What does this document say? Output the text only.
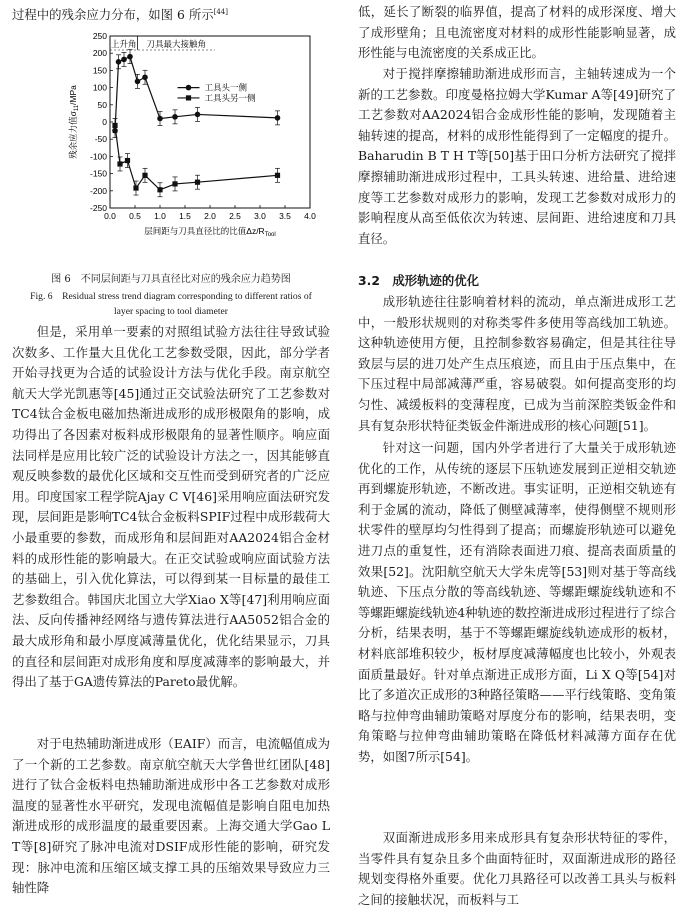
过程中的残余应力分布，如图 6 所示[44]

上升角 刀具最大接触角
0.0 0.5 1.0 1.5 2.0 2.5 3.0 3.5 4.0
250
200
150
100
50
0
-50
-100
-150
-200
-250
层间距与刀具直径比的比值$\Delta z/R_{Tool}$
残余应力值$\sigma_{11}$/MPa	工具头一侧
工具头另一侧

图 6　不同层间距与刀具直径比对应的残余应力趋势图

Fig. 6　Residual stress trend diagram corresponding to different ratios of

layer spacing to tool diameter

但是，采用单一要素的对照组试验方法往往导致试验次数多、工作量大且优化工艺参数受限，因此，部分学者开始寻找更为合适的试验设计方法与优化手段。南京航空航天大学光凯惠等[45]通过正交试验法研究了工艺参数对TC4钛合金板电磁加热渐进成形的成形极限角的影响，成功得出了各因素对板料成形极限角的显著性顺序。响应面法同样是应用比较广泛的试验设计方法之一，因其能够直观反映参数的最优化区域和交互性而受到研究者的广泛应用。印度国家工程学院Ajay C V[46]采用响应面法研究发现，层间距是影响TC4钛合金板料SPIF过程中成形载荷大小最重要的参数，而成形角和层间距对AA2024铝合金材料的成形性能的影响最大。在正交试验或响应面试验方法的基础上，引入优化算法，可以得到某一目标量的最佳工艺参数组合。韩国庆北国立大学Xiao X等[47]利用响应面法、反向传播神经网络与遗传算法进行AA5052铝合金的最大成形角和最小厚度减薄量优化，优化结果显示，刀具的直径和层间距对成形角度和厚度减薄率的影响最大，并得出了基于GA遗传算法的Pareto最优解。

对于电热辅助渐进成形（EAIF）而言，电流幅值成为了一个新的工艺参数。南京航空航天大学鲁世红团队[48]进行了钛合金板料电热辅助渐进成形中各工艺参数对成形温度的显著性水平研究，发现电流幅值是影响自阻电加热渐进成形的成形温度的最重要因素。上海交通大学Gao L T等[8]研究了脉冲电流对DSIF成形性能的影响，研究发现：脉冲电流和压缩区域支撑工具的压缩效果导致应力三轴性降

低，延长了断裂的临界值，提高了材料的成形深度、增大了成形壁角；且电流密度对材料的成形性能影响显著，成形性能与电流密度的关系成正比。

对于搅拌摩擦辅助渐进成形而言，主轴转速成为一个新的工艺参数。印度曼格拉姆大学Kumar A等[49]研究了工艺参数对AA2024铝合金成形性能的影响，发现随着主轴转速的提高，材料的成形性能得到了一定幅度的提升。Baharudin B T H T等[50]基于田口分析方法研究了搅拌摩擦辅助渐进成形过程中，工具头转速、进给量、进给速度等工艺参数对成形力的影响，发现工艺参数对成形力的影响程度从高至低依次为转速、层间距、进给速度和刀具直径。

3.2　成形轨迹的优化

成形轨迹往往影响着材料的流动，单点渐进成形工艺中，一般形状规则的对称类零件多使用等高线加工轨迹。这种轨迹使用方便，且控制参数容易确定，但是其往往导致层与层的进刀处产生点压痕迹，而且由于压点集中，在下压过程中局部减薄严重，容易破裂。如何提高变形的均匀性、减缓板料的变薄程度，已成为当前深腔类钣金件和具有复杂形状特征类钣金件渐进成形的核心问题[51]。

针对这一问题，国内外学者进行了大量关于成形轨迹优化的工作，从传统的逐层下压轨迹发展到正逆相交轨迹再到螺旋形轨迹，不断改进。事实证明，正逆相交轨迹有利于金属的流动，降低了侧壁减薄率，使得侧壁不规则形状零件的壁厚均匀性得到了提高；而螺旋形轨迹可以避免进刀点的重复性，还有消除表面进刀痕、提高表面质量的效果[52]。沈阳航空航天大学朱虎等[53]则对基于等高线轨迹、下压点分散的等高线轨迹、等螺距螺旋线轨迹和不等螺距螺旋线轨迹4种轨迹的数控渐进成形过程进行了综合分析，结果表明，基于不等螺距螺旋线轨迹成形的板材，材料底部堆积较少，板材厚度减薄幅度也比较小，外观表面质量最好。针对单点渐进正成形方面，Li X Q等[54]对比了多道次正成形的3种路径策略——平行线策略、变角策略与拉伸弯曲辅助策略对厚度分布的影响，结果表明，变角策略与拉伸弯曲辅助策略在降低材料减薄方面存在优势，如图7所示[54]。

双面渐进成形多用来成形具有复杂形状特征的零件，当零件具有复杂且多个曲面特征时，双面渐进成形的路径规划变得格外重要。优化刀具路径可以改善工具头与板料之间的接触状况，而板料与工
